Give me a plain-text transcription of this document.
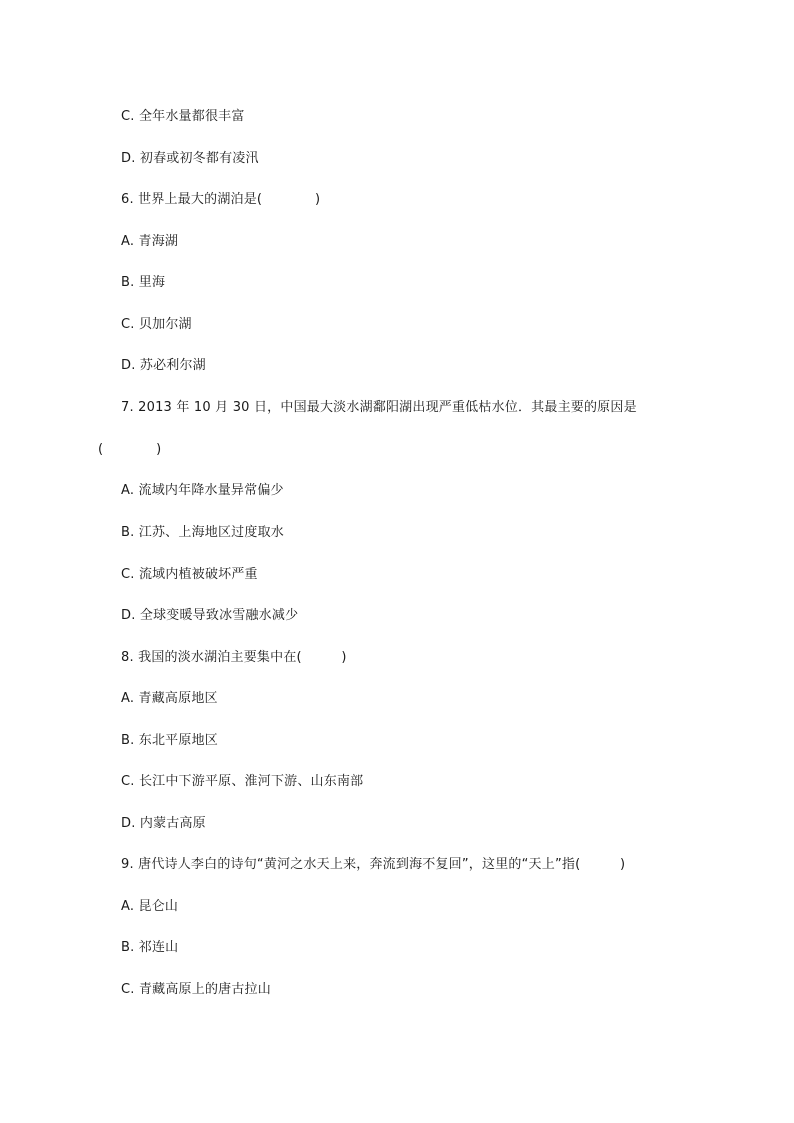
C. 全年水量都很丰富
D. 初春或初冬都有凌汛
6. 世界上最大的湖泊是(　　　　)
A. 青海湖
B. 里海
C. 贝加尔湖
D. 苏必利尔湖
7. 2013 年 10 月 30 日，中国最大淡水湖鄱阳湖出现严重低枯水位．其最主要的原因是
(　　　　)
A. 流域内年降水量异常偏少
B. 江苏、上海地区过度取水
C. 流域内植被破坏严重
D. 全球变暖导致冰雪融水减少
8. 我国的淡水湖泊主要集中在(　　　)
A. 青藏高原地区
B. 东北平原地区
C. 长江中下游平原、淮河下游、山东南部
D. 内蒙古高原
9. 唐代诗人李白的诗句“黄河之水天上来，奔流到海不复回”，这里的“天上”指(　　　)
A. 昆仑山
B. 祁连山
C. 青藏高原上的唐古拉山
